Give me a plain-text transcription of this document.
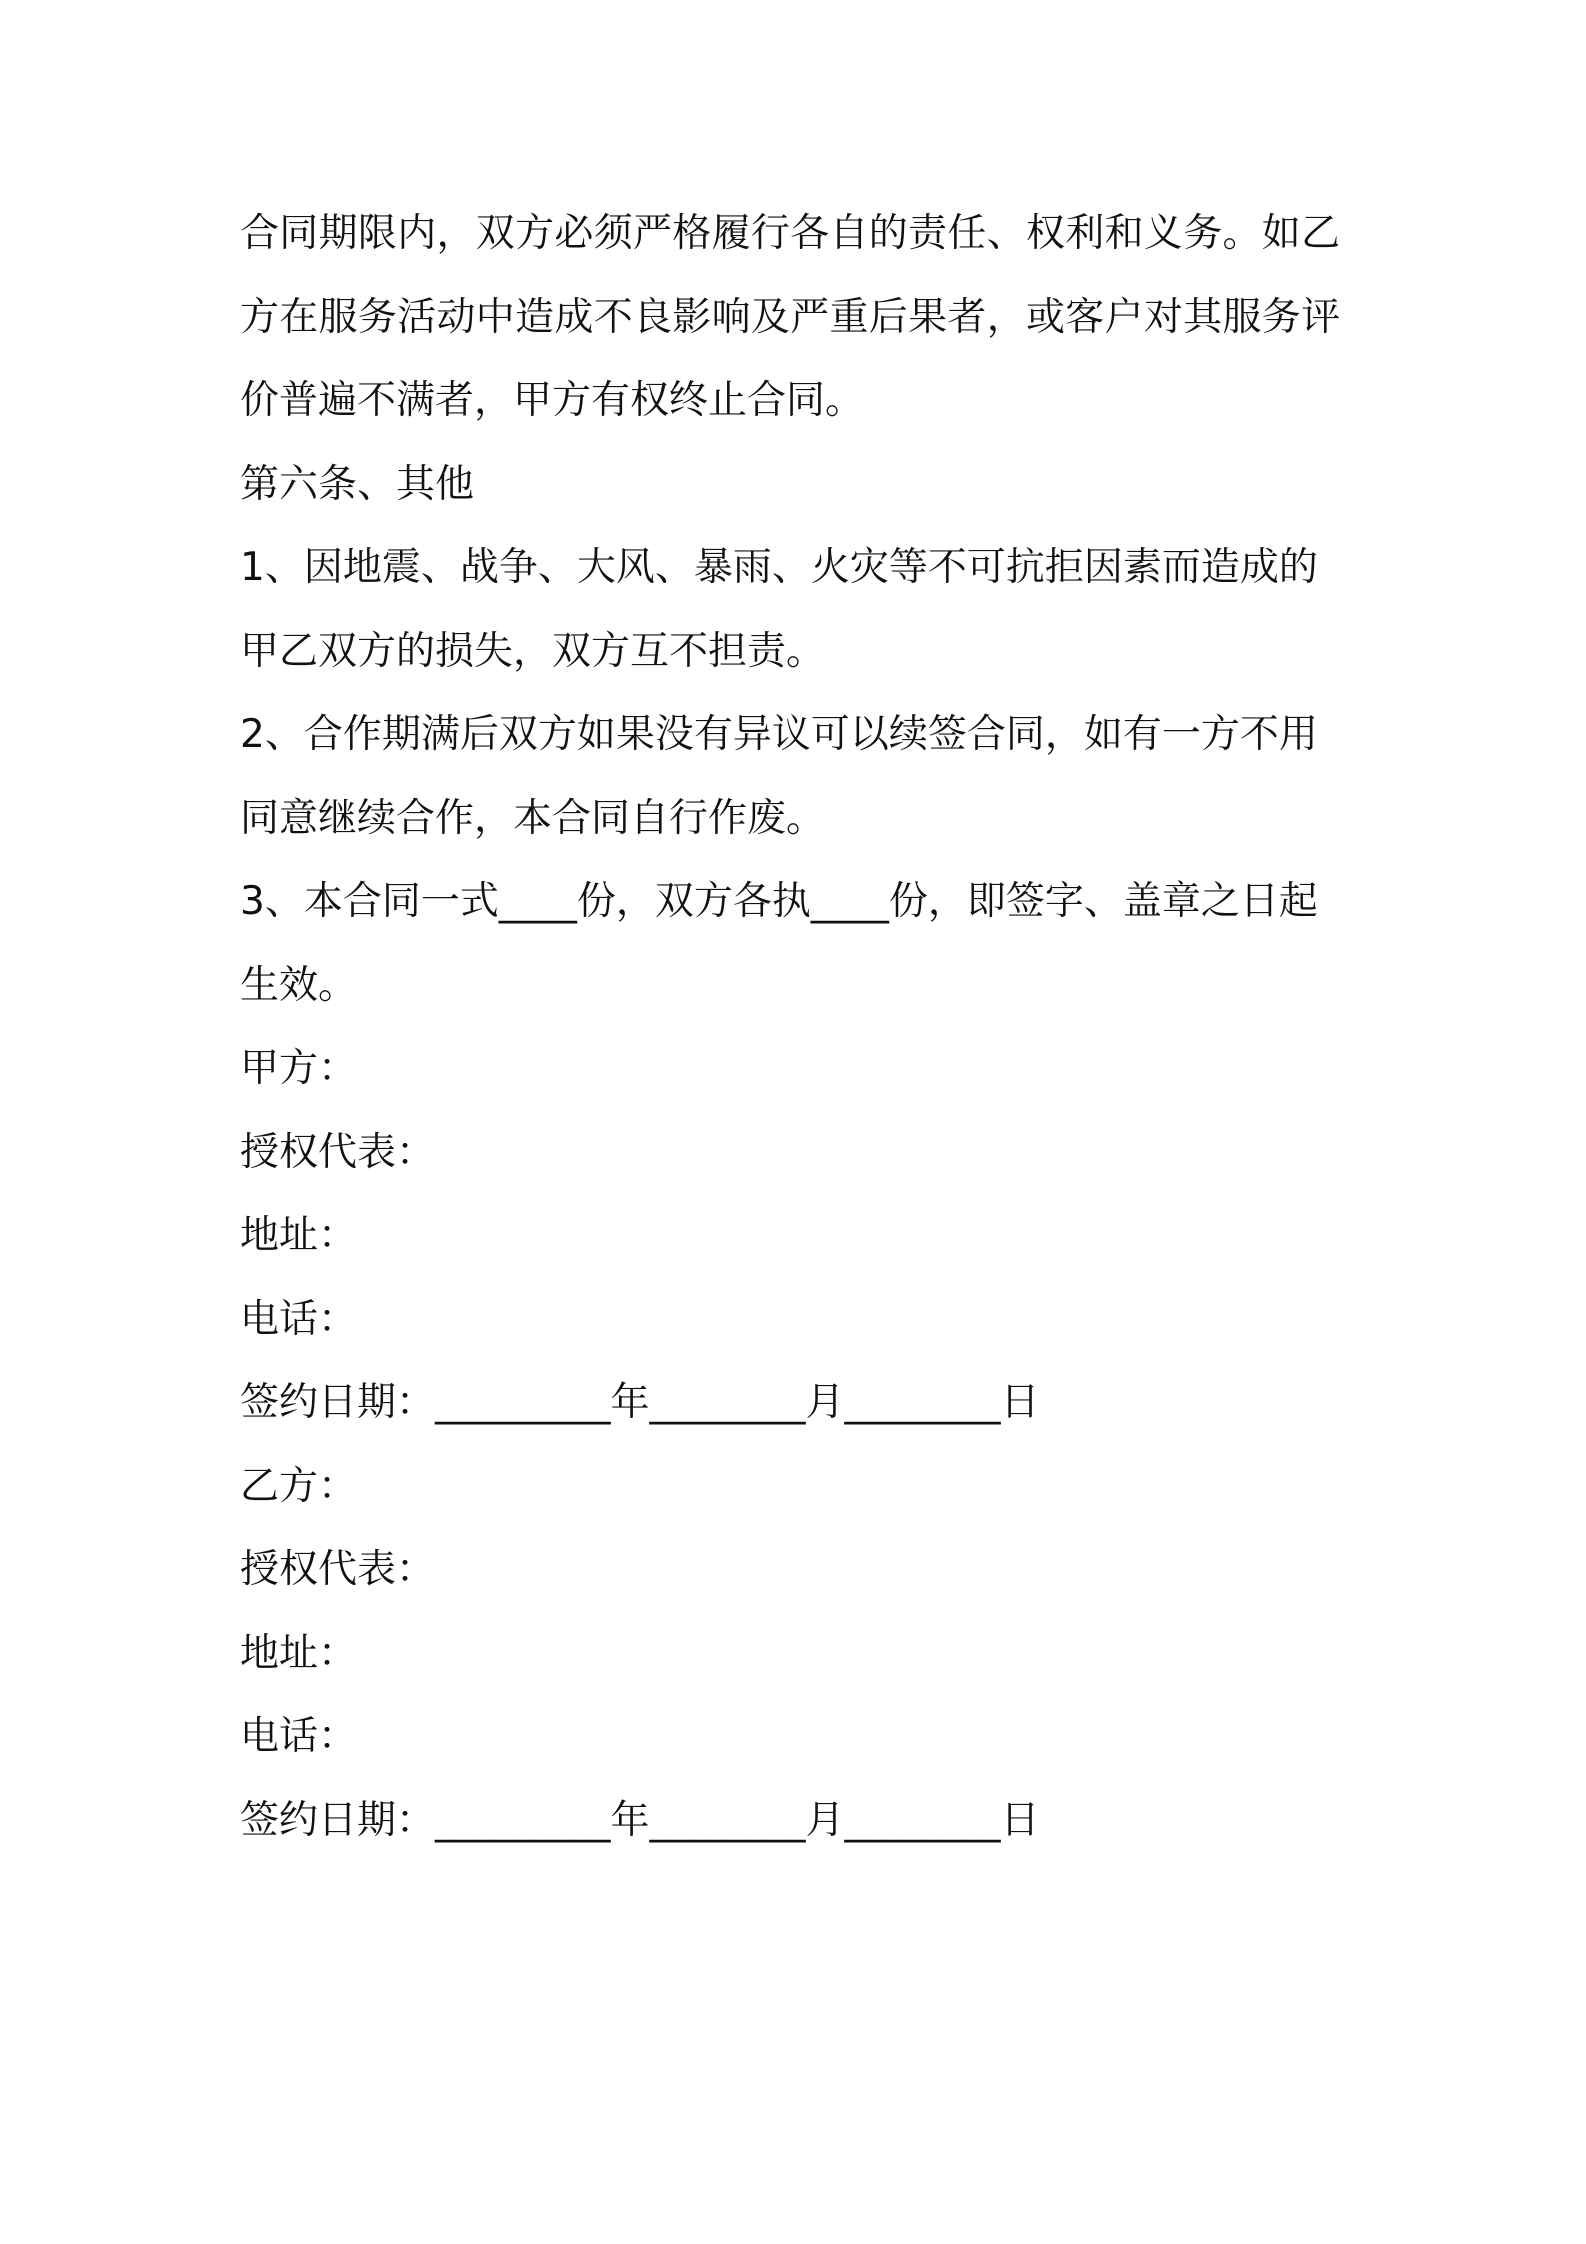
合同期限内，双方必须严格履行各自的责任、权利和义务。如乙
方在服务活动中造成不良影响及严重后果者，或客户对其服务评
价普遍不满者，甲方有权终止合同。
第六条、其他
1、因地震、战争、大风、暴雨、火灾等不可抗拒因素而造成的
甲乙双方的损失，双方互不担责。
2、合作期满后双方如果没有异议可以续签合同，如有一方不用
同意继续合作，本合同自行作废。
3、本合同一式____份，双方各执____份，即签字、盖章之日起
生效。
甲方：
授权代表：
地址：
电话：
签约日期：_________年________月________日
乙方：
授权代表：
地址：
电话：
签约日期：_________年________月________日
